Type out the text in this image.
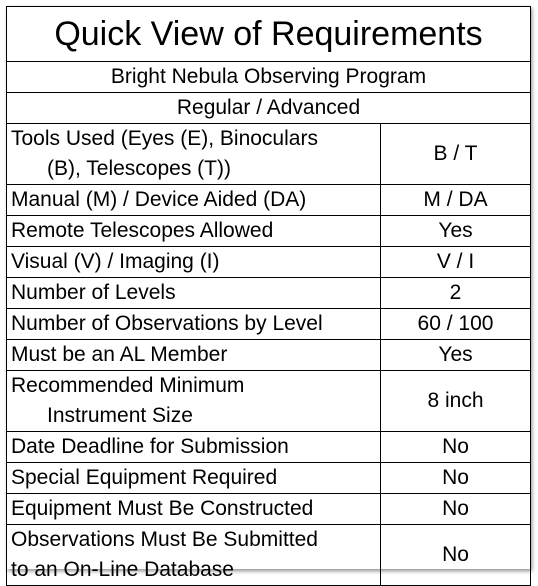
Quick View of Requirements	
Bright Nebula Observing Program	
Regular / Advanced	

Tools Used (Eyes (E), Binoculars
(B), Telescopes (T))	B / T
Manual (M) / Device Aided (DA)	M / DA
Remote Telescopes Allowed	Yes
Visual (V) / Imaging (I)	V / I
Number of Levels	2
Number of Observations by Level	60 / 100
Must be an AL Member	Yes

Recommended Minimum
Instrument Size	8 inch
Date Deadline for Submission	No
Special Equipment Required	No
Equipment Must Be Constructed	No

Observations Must Be Submitted
to an On-Line Database	No
